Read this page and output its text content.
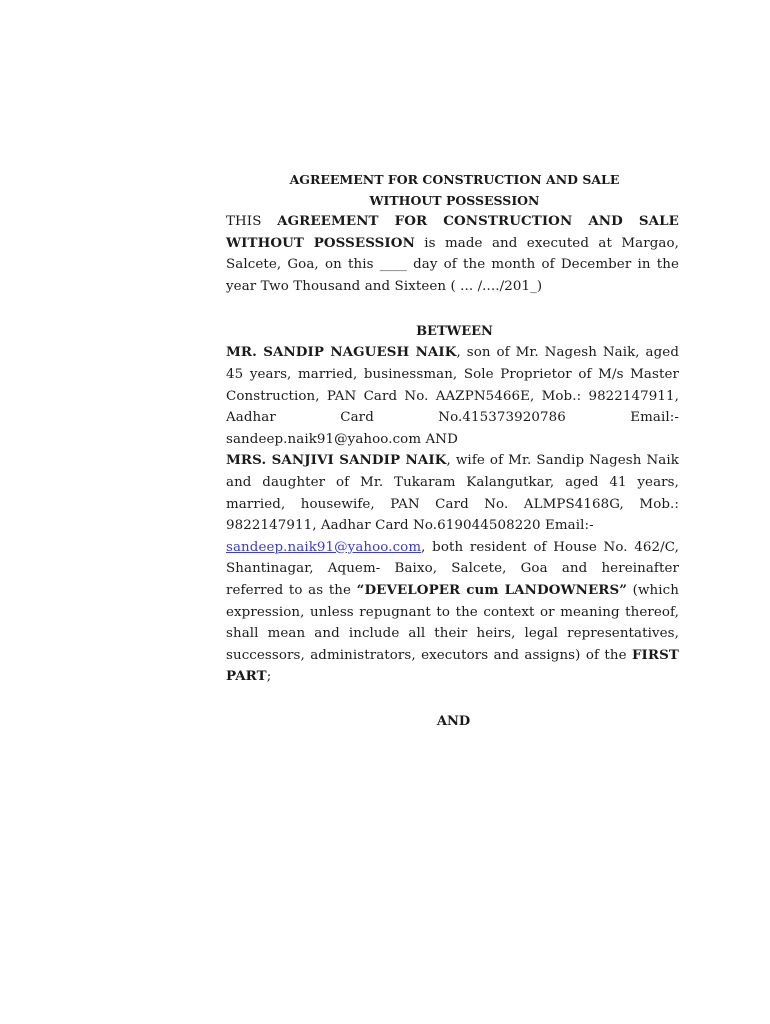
AGREEMENT FOR CONSTRUCTION AND SALE

WITHOUT POSSESSION

THIS AGREEMENT FOR CONSTRUCTION AND SALE WITHOUT POSSESSION is made and executed at Margao, Salcete, Goa, on this ____ day of the month of December in the year Two Thousand and Sixteen ( ... /..../201_)

BETWEEN

MR. SANDIP NAGUESH NAIK, son of Mr. Nagesh Naik, aged 45 years, married, businessman, Sole Proprietor of M/s Master Construction, PAN Card No. AAZPN5466E, Mob.: 9822147911, Aadhar Card No.415373920786 Email:- sandeep.naik91@yahoo.com AND

MRS. SANJIVI SANDIP NAIK, wife of Mr. Sandip Nagesh Naik and daughter of Mr. Tukaram Kalangutkar, aged 41 years, married, housewife, PAN Card No. ALMPS4168G, Mob.: 9822147911, Aadhar Card No.619044508220 Email:-
sandeep.naik91@yahoo.com, both resident of House No. 462/C, Shantinagar, Aquem- Baixo, Salcete, Goa and hereinafter referred to as the “DEVELOPER cum LANDOWNERS” (which expression, unless repugnant to the context or meaning thereof, shall mean and include all their heirs, legal representatives, successors, administrators, executors and assigns) of the FIRST PART;

AND
